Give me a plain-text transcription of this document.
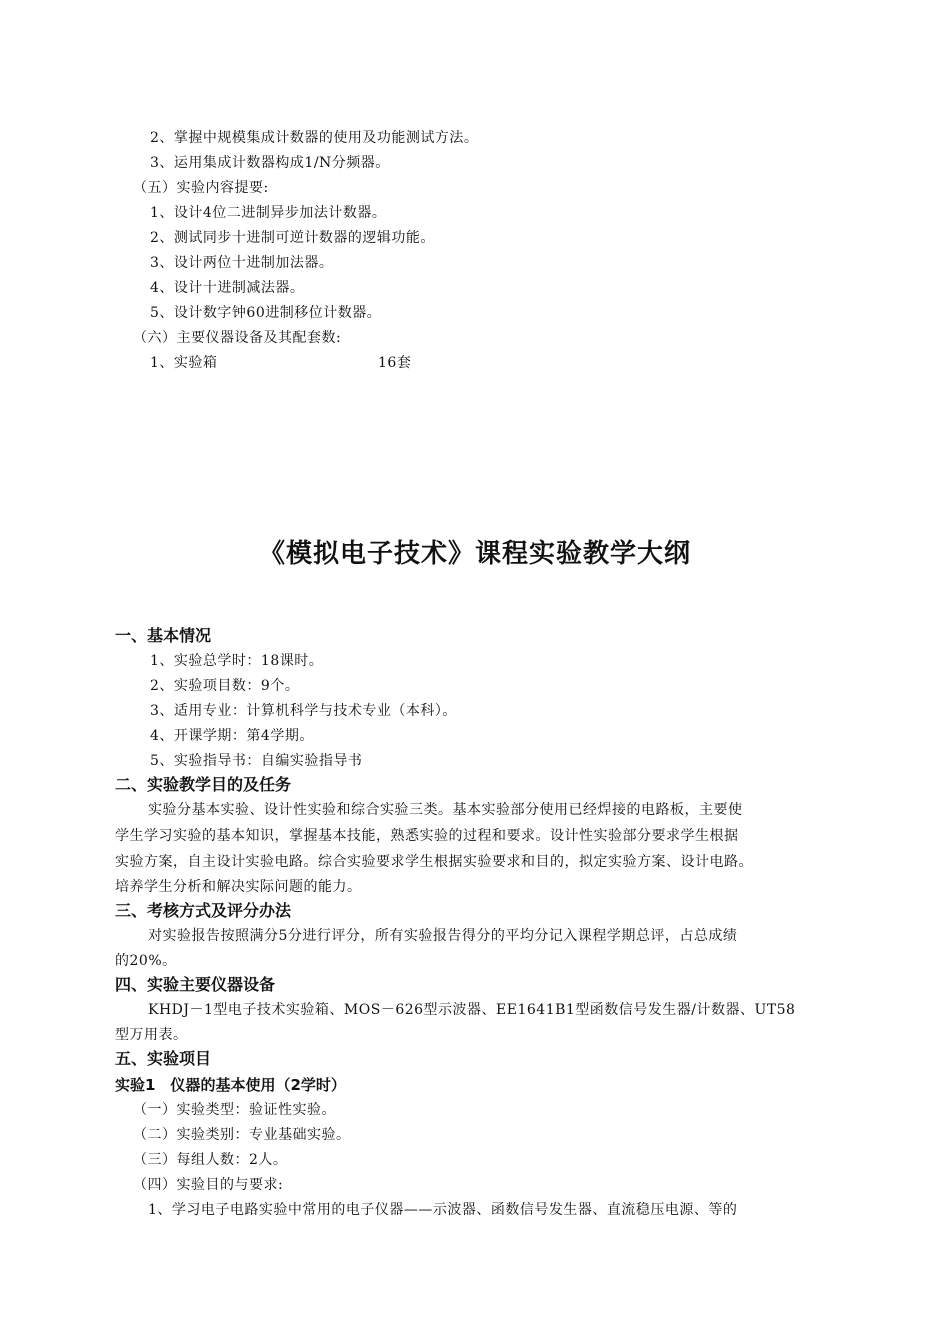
2、掌握中规模集成计数器的使用及功能测试方法。
3、运用集成计数器构成1/N分频器。
（五）实验内容提要:
1、设计4位二进制异步加法计数器。
2、测试同步十进制可逆计数器的逻辑功能。
3、设计两位十进制加法器。
4、设计十进制减法器。
5、设计数字钟60进制移位计数器。
（六）主要仪器设备及其配套数:
1、实验箱	16套
《模拟电子技术》课程实验教学大纲
一、基本情况
1、实验总学时：18课时。
2、实验项目数：9个。
3、适用专业：计算机科学与技术专业（本科）。
4、开课学期：第4学期。
5、实验指导书：自编实验指导书
二、实验教学目的及任务
实验分基本实验、设计性实验和综合实验三类。基本实验部分使用已经焊接的电路板，主要使
学生学习实验的基本知识，掌握基本技能，熟悉实验的过程和要求。设计性实验部分要求学生根据
实验方案，自主设计实验电路。综合实验要求学生根据实验要求和目的，拟定实验方案、设计电路。
培养学生分析和解决实际问题的能力。
三、考核方式及评分办法
对实验报告按照满分5分进行评分，所有实验报告得分的平均分记入课程学期总评，占总成绩
的20%。
四、实验主要仪器设备
KHDJ－1型电子技术实验箱、MOS－626型示波器、EE1641B1型函数信号发生器/计数器、UT58
型万用表。
五、实验项目
实验1　仪器的基本使用（2学时）
（一）实验类型：验证性实验。
（二）实验类别：专业基础实验。
（三）每组人数：2人。
（四）实验目的与要求:
1、学习电子电路实验中常用的电子仪器——示波器、函数信号发生器、直流稳压电源、等的
